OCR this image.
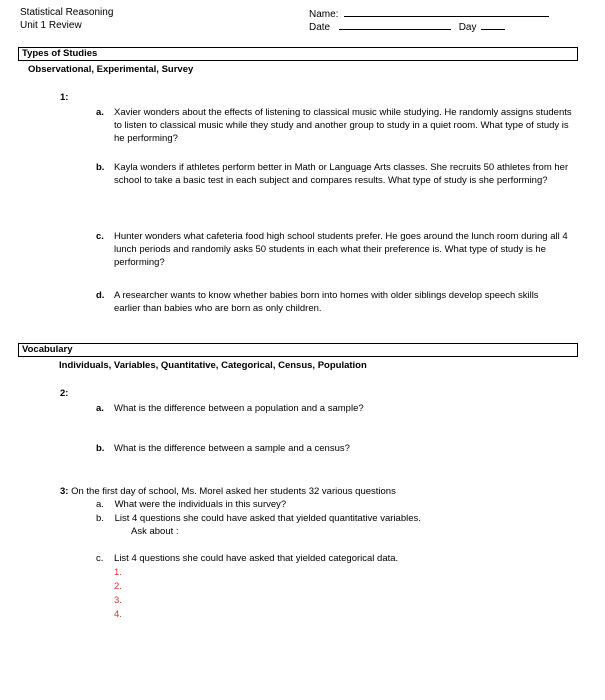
Statistical Reasoning
Unit 1 Review
Name:
Date	Day
Types of Studies
Observational, Experimental, Survey
1:
a. Xavier wonders about the effects of listening to classical music while studying. He randomly assigns students to listen to classical music while they study and another group to study in a quiet room. What type of study is he performing?
b. Kayla wonders if athletes perform better in Math or Language Arts classes. She recruits 50 athletes from her school to take a basic test in each subject and compares results. What type of study is she performing?
c. Hunter wonders what cafeteria food high school students prefer. He goes around the lunch room during all 4 lunch periods and randomly asks 50 students in each what their preference is. What type of study is he performing?
d. A researcher wants to know whether babies born into homes with older siblings develop speech skills earlier than babies who are born as only children.
Vocabulary
Individuals, Variables, Quantitative, Categorical, Census, Population
2:
a. What is the difference between a population and a sample?
b. What is the difference between a sample and a census?
3: On the first day of school, Ms. Morel asked her students 32 various questions
a. What were the individuals in this survey?
b. List 4 questions she could have asked that yielded quantitative variables.
Ask about :
c. List 4 questions she could have asked that yielded categorical data.
1.
2.
3.
4.
